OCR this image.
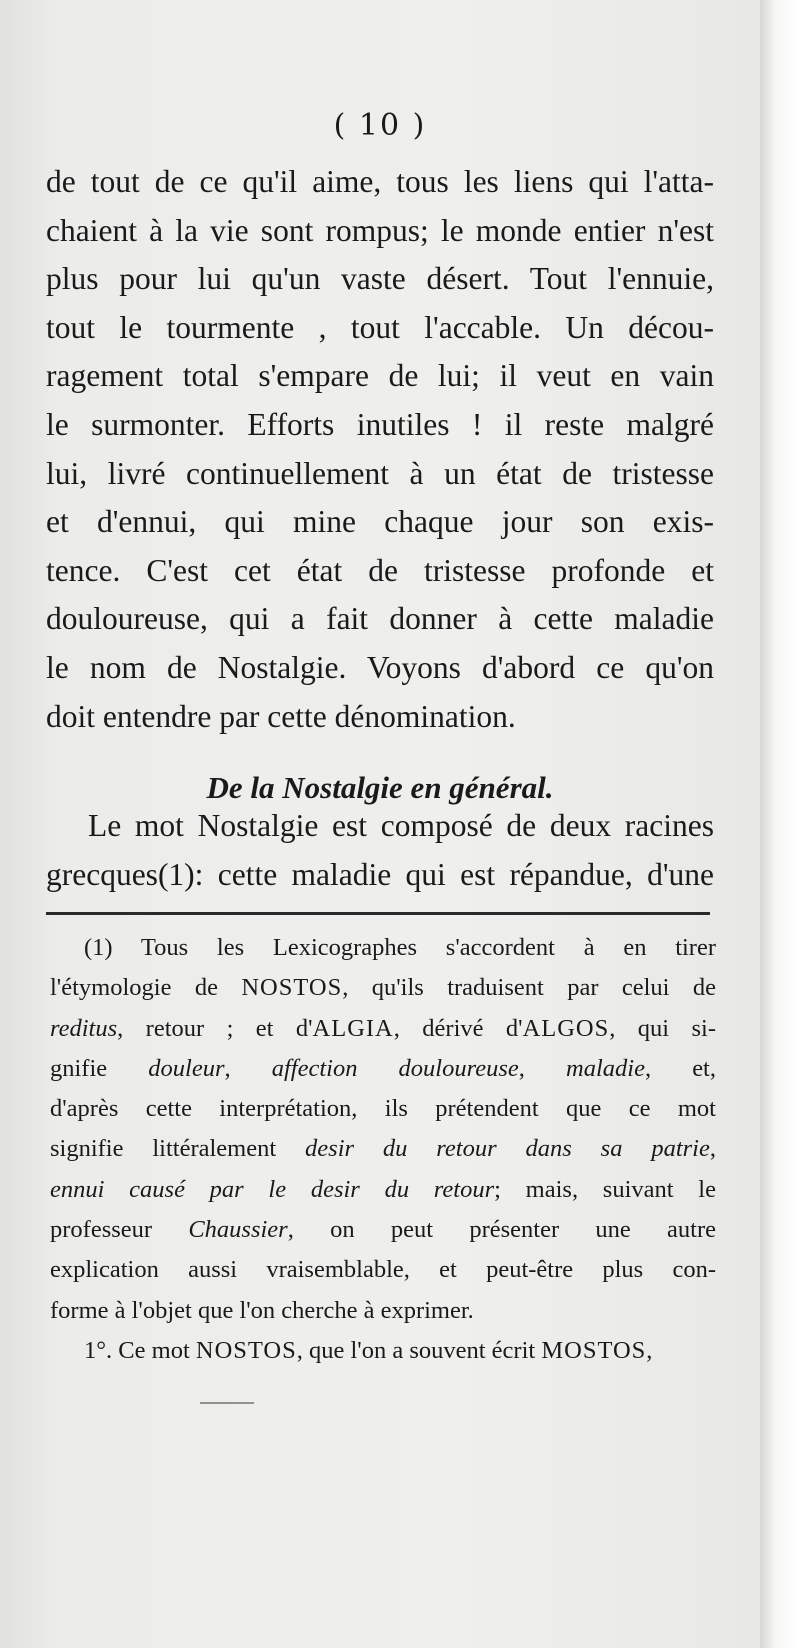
( 10 )
de tout de ce qu'il aime, tous les liens qui l'atta-
chaient à la vie sont rompus; le monde entier n'est
plus pour lui qu'un vaste désert. Tout l'ennuie,
tout le tourmente , tout l'accable. Un décou-
ragement total s'empare de lui; il veut en vain
le surmonter. Efforts inutiles ! il reste malgré
lui, livré continuellement à un état de tristesse
et d'ennui, qui mine chaque jour son exis-
tence. C'est cet état de tristesse profonde et
douloureuse, qui a fait donner à cette maladie
le nom de Nostalgie. Voyons d'abord ce qu'on
doit entendre par cette dénomination.
De la Nostalgie en général.
Le mot Nostalgie est composé de deux racines
grecques(1): cette maladie qui est répandue, d'une
(1) Tous les Lexicographes s'accordent à en tirer
l'étymologie de NOSTOS, qu'ils traduisent par celui de
reditus, retour ; et d'ALGIA, dérivé d'ALGOS, qui si-
gnifie douleur, affection douloureuse, maladie, et,
d'après cette interprétation, ils prétendent que ce mot
signifie littéralement desir du retour dans sa patrie,
ennui causé par le desir du retour; mais, suivant le
professeur Chaussier, on peut présenter une autre
explication aussi vraisemblable, et peut-être plus con-
forme à l'objet que l'on cherche à exprimer.
1°. Ce mot NOSTOS, que l'on a souvent écrit MOSTOS,
